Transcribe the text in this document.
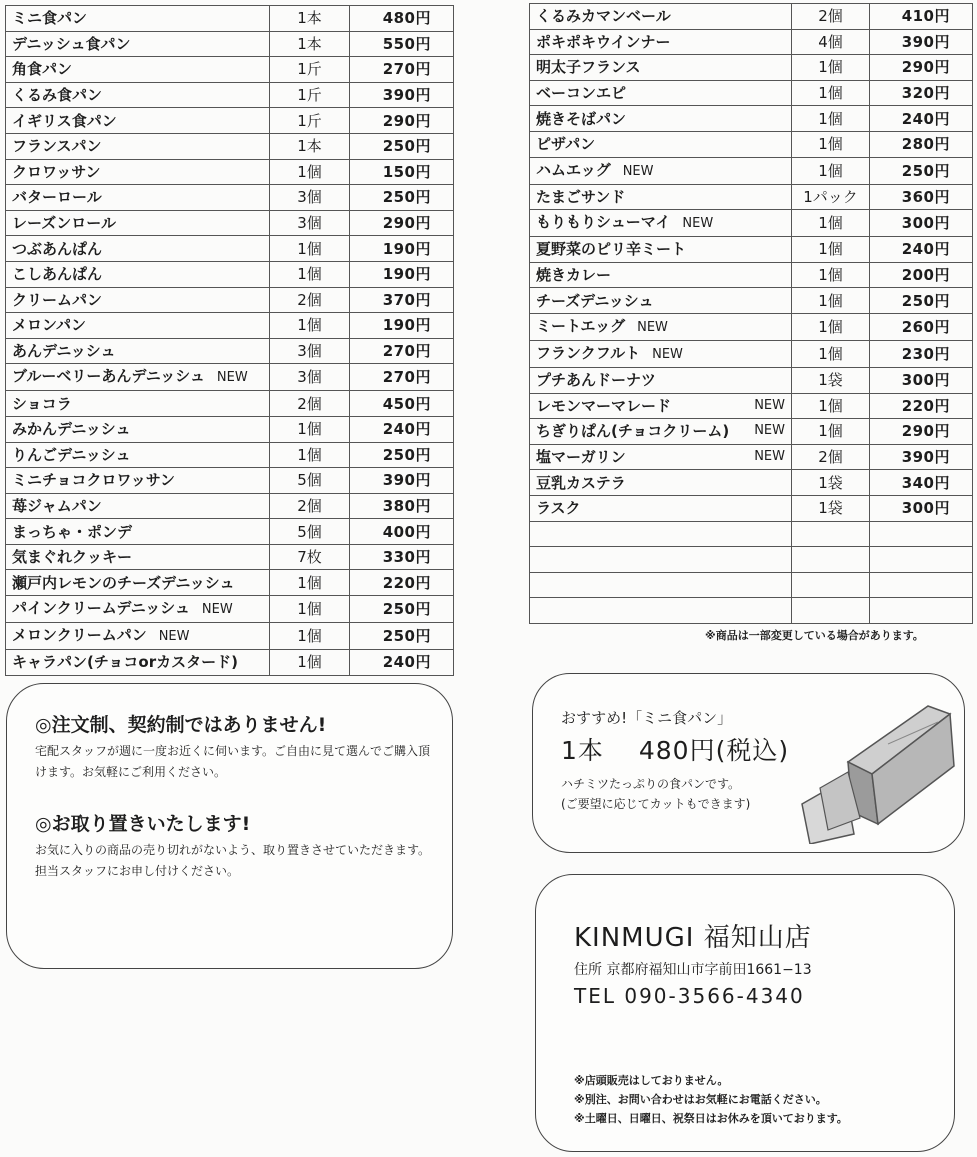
ミニ食パン	1本	480円
デニッシュ食パン	1本	550円
角食パン	1斤	270円
くるみ食パン	1斤	390円
イギリス食パン	1斤	290円
フランスパン	1本	250円
クロワッサン	1個	150円
バターロール	3個	250円
レーズンロール	3個	290円
つぶあんぱん	1個	190円
こしあんぱん	1個	190円
クリームパン	2個	370円
メロンパン	1個	190円
あんデニッシュ	3個	270円
ブルーベリーあんデニッシュ NEW	3個	270円
ショコラ	2個	450円
みかんデニッシュ	1個	240円
りんごデニッシュ	1個	250円
ミニチョコクロワッサン	5個	390円
苺ジャムパン	2個	380円
まっちゃ・ポンデ	5個	400円
気まぐれクッキー	7枚	330円
瀬戸内レモンのチーズデニッシュ	1個	220円
パインクリームデニッシュ NEW	1個	250円
メロンクリームパン NEW	1個	250円
キャラパン(チョコorカスタード)	1個	240円
くるみカマンベール	2個	410円
ポキポキウインナー	4個	390円
明太子フランス	1個	290円
ベーコンエピ	1個	320円
焼きそばパン	1個	240円
ピザパン	1個	280円
ハムエッグ NEW	1個	250円
たまごサンド	1パック	360円
もりもりシューマイ NEW	1個	300円
夏野菜のピリ辛ミート	1個	240円
焼きカレー	1個	200円
チーズデニッシュ	1個	250円
ミートエッグ NEW	1個	260円
フランクフルト NEW	1個	230円
プチあんドーナツ	1袋	300円
レモンマーマレード NEW	1個	220円
ちぎりぱん(チョコクリーム) NEW	1個	290円
塩マーガリン NEW	2個	390円
豆乳カステラ	1袋	340円
ラスク	1袋	300円

※商品は一部変更している場合があります。
◎注文制、契約制ではありません!
宅配スタッフが週に一度お近くに伺います。ご自由に見て選んでご購入頂けます。お気軽にご利用ください。
◎お取り置きいたします!
お気に入りの商品の売り切れがないよう、取り置きさせていただきます。担当スタッフにお申し付けください。
おすすめ!「ミニ食パン」
1本　 480円(税込)
ハチミツたっぷりの食パンです。
(ご要望に応じてカットもできます)
KINMUGI 福知山店
住所 京都府福知山市字前田1661−13
TEL 090-3566-4340
※店頭販売はしておりません。
※別注、お問い合わせはお気軽にお電話ください。
※土曜日、日曜日、祝祭日はお休みを頂いております。
